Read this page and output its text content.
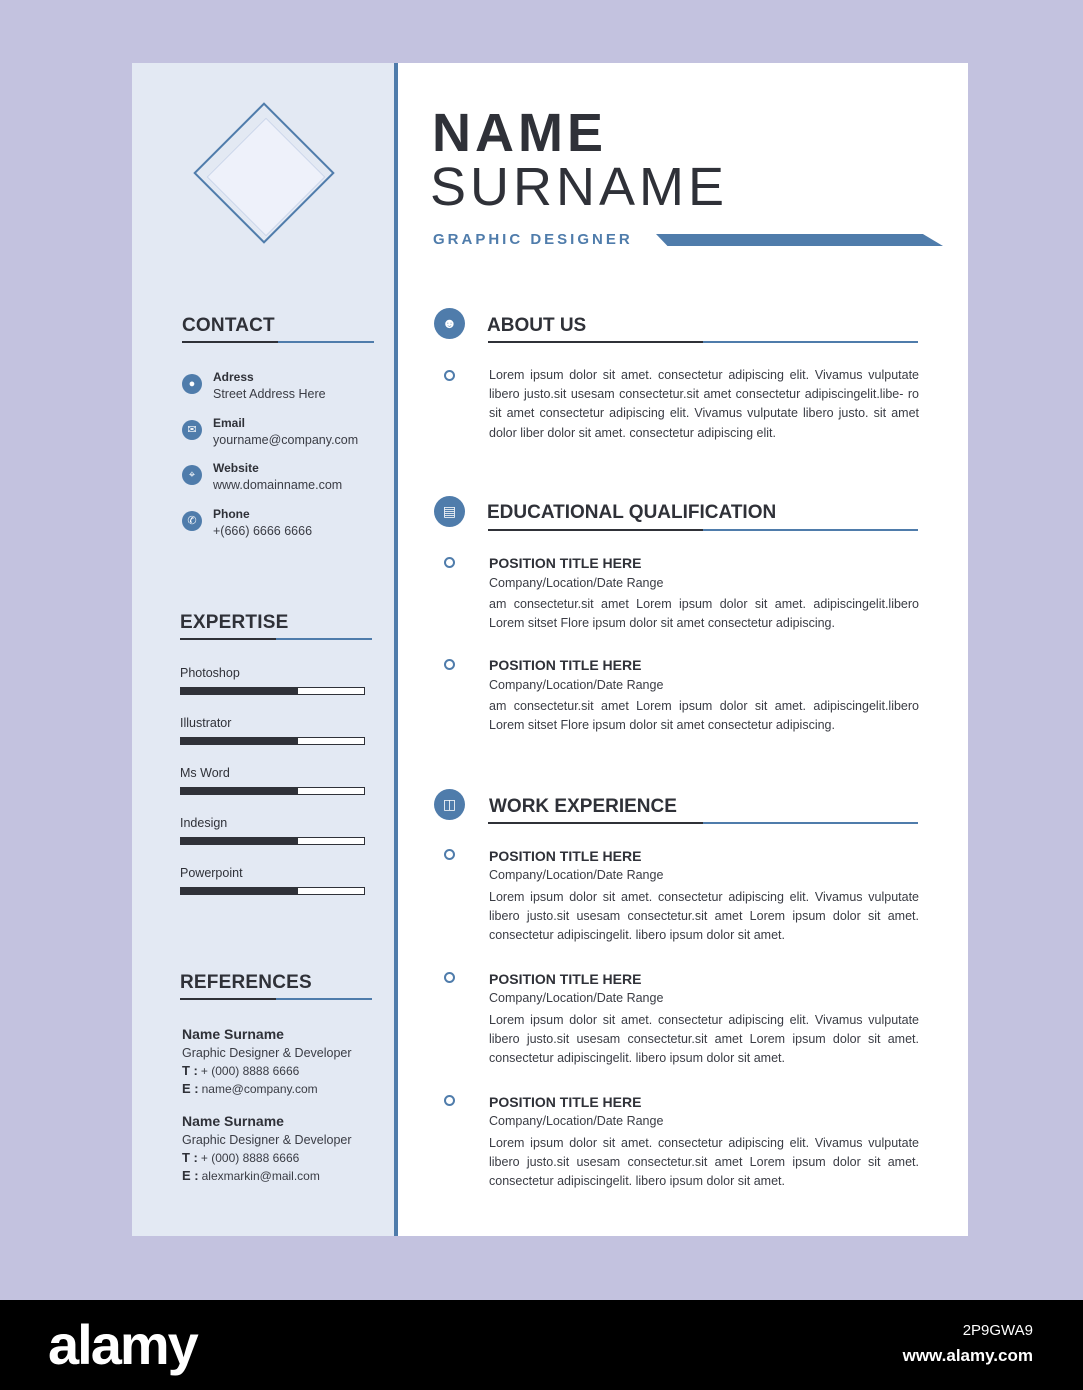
CONTACT
●	Adress
Street Address Here
✉	Email
yourname@company.com
⌖	Website
www.domainname.com
✆	Phone
+(666) 6666 6666
EXPERTISE
Photoshop
Illustrator
Ms Word
Indesign
Powerpoint
REFERENCES
Name Surname
Graphic Designer & Developer
T : + (000) 8888 6666
E : name@company.com
Name Surname
Graphic Designer & Developer
T : + (000) 8888 6666
E : alexmarkin@mail.com
NAME
SURNAME
GRAPHIC DESIGNER
☻	ABOUT US
Lorem ipsum dolor sit amet. consectetur adipiscing elit. Vivamus vulputate libero justo.sit usesam consectetur.sit amet consectetur adipiscingelit.libe- ro sit amet consectetur adipiscing elit. Vivamus vulputate libero justo. sit amet dolor liber dolor sit amet. consectetur adipiscing elit.
▤	EDUCATIONAL QUALIFICATION
POSITION TITLE HERE
Company/Location/Date Range
am consectetur.sit amet Lorem ipsum dolor sit amet. adipiscingelit.libero Lorem sitset Flore ipsum dolor sit amet consectetur adipiscing.
POSITION TITLE HERE
Company/Location/Date Range
am consectetur.sit amet Lorem ipsum dolor sit amet. adipiscingelit.libero Lorem sitset Flore ipsum dolor sit amet consectetur adipiscing.
◫	WORK EXPERIENCE
POSITION TITLE HERE
Company/Location/Date Range
Lorem ipsum dolor sit amet. consectetur adipiscing elit. Vivamus vulputate libero justo.sit usesam consectetur.sit amet Lorem ipsum dolor sit amet. consectetur adipiscingelit. libero ipsum dolor sit amet.
POSITION TITLE HERE
Company/Location/Date Range
Lorem ipsum dolor sit amet. consectetur adipiscing elit. Vivamus vulputate libero justo.sit usesam consectetur.sit amet Lorem ipsum dolor sit amet. consectetur adipiscingelit. libero ipsum dolor sit amet.
POSITION TITLE HERE
Company/Location/Date Range
Lorem ipsum dolor sit amet. consectetur adipiscing elit. Vivamus vulputate libero justo.sit usesam consectetur.sit amet Lorem ipsum dolor sit amet. consectetur adipiscingelit. libero ipsum dolor sit amet.
alamy	2P9GWA9
www.alamy.com
